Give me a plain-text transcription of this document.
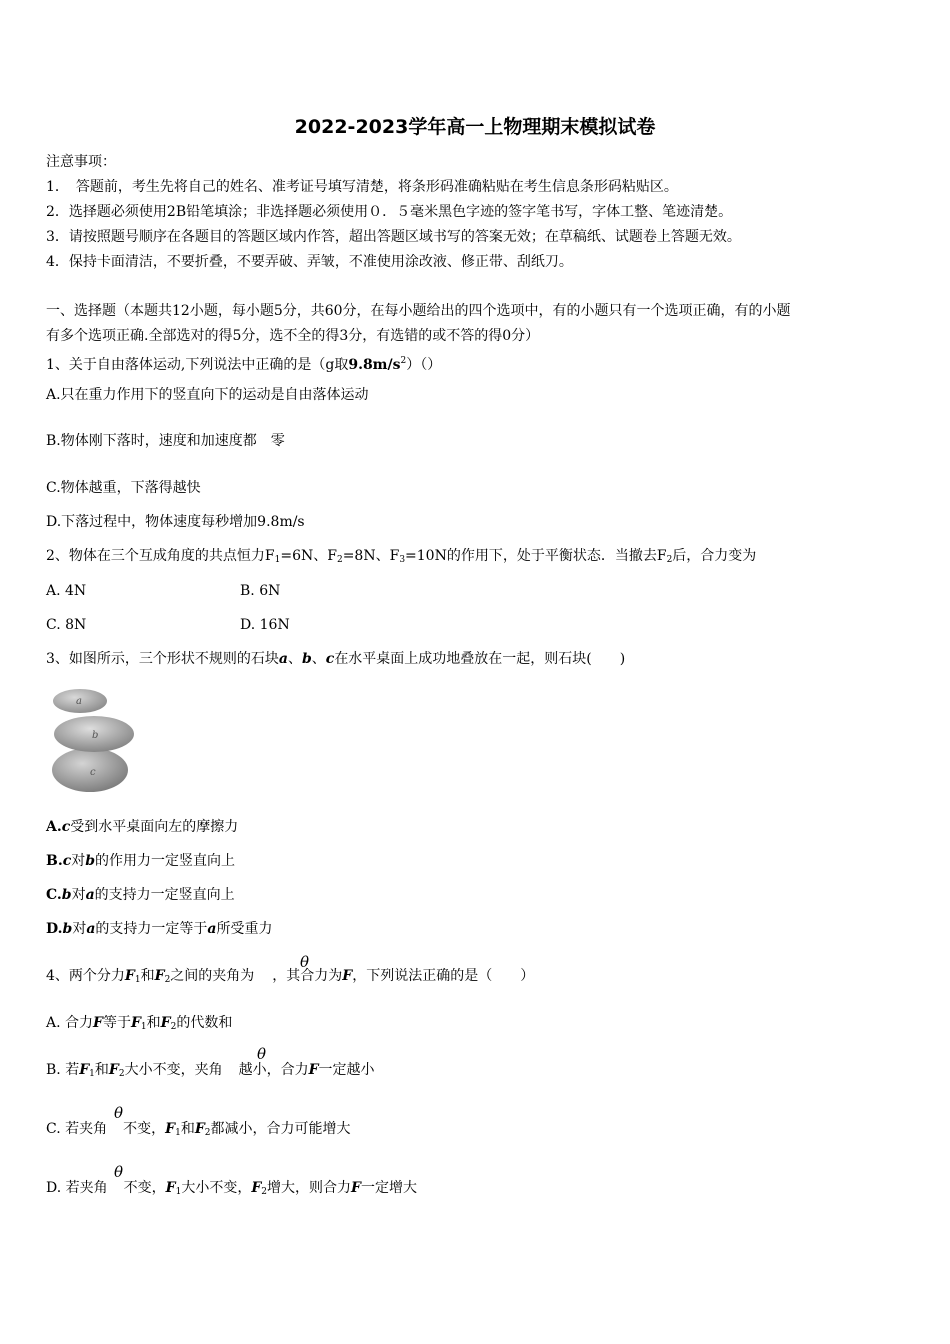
2022-2023学年高一上物理期末模拟试卷
注意事项：
1．　答题前，考生先将自己的姓名、准考证号填写清楚，将条形码准确粘贴在考生信息条形码粘贴区。
2．选择题必须使用2B铅笔填涂；非选择题必须使用０．５毫米黑色字迹的签字笔书写，字体工整、笔迹清楚。
3．请按照题号顺序在各题目的答题区域内作答，超出答题区域书写的答案无效；在草稿纸、试题卷上答题无效。
4．保持卡面清洁，不要折叠，不要弄破、弄皱，不准使用涂改液、修正带、刮纸刀。
一、选择题（本题共12小题，每小题5分，共60分，在每小题给出的四个选项中，有的小题只有一个选项正确，有的小题
有多个选项正确.全部选对的得5分，选不全的得3分，有选错的或不答的得0分）
1、关于自由落体运动,下列说法中正确的是（g取$9.8m/s^2)()$
A.只在重力作用下的竖直向下的运动是自由落体运动
B.物体刚下落时，速度和加速度都　零
C.物体越重，下落得越快
D.下落过程中，物体速度每秒增加9.8m/s
2、物体在三个互成角度的共点恒力$F_1=6N$、$F_2=8N$、$F_3=10N$的作用下，处于平衡状态．当撤去$F_2$后，合力变为
A. 4N	B. 6N
C. 8N	D. 16N
3、如图所示，三个形状不规则的石块a、b、c在水平桌面上成功地叠放在一起，则石块(　　)
a
b
c
A.c受到水平桌面向左的摩擦力
B.c对b的作用力一定竖直向上
C.b对a的支持力一定竖直向上
D.b对a的支持力一定等于a所受重力
4、两个分力$F_1$和$F_2$之间的夹角为 ，其合力为F，下列说法正确的是（　　）
θ
A. 合力F等于$F_1$和$F_2$的代数和
B. 若$F_1$和$F_2$大小不变，夹角 越小，合力F一定越小
θ
C. 若夹角 不变，$F_1$和$F_2$都减小，合力可能增大
θ
D. 若夹角 不变，$F_1$大小不变，$F_2$增大，则合力F一定增大
θ
